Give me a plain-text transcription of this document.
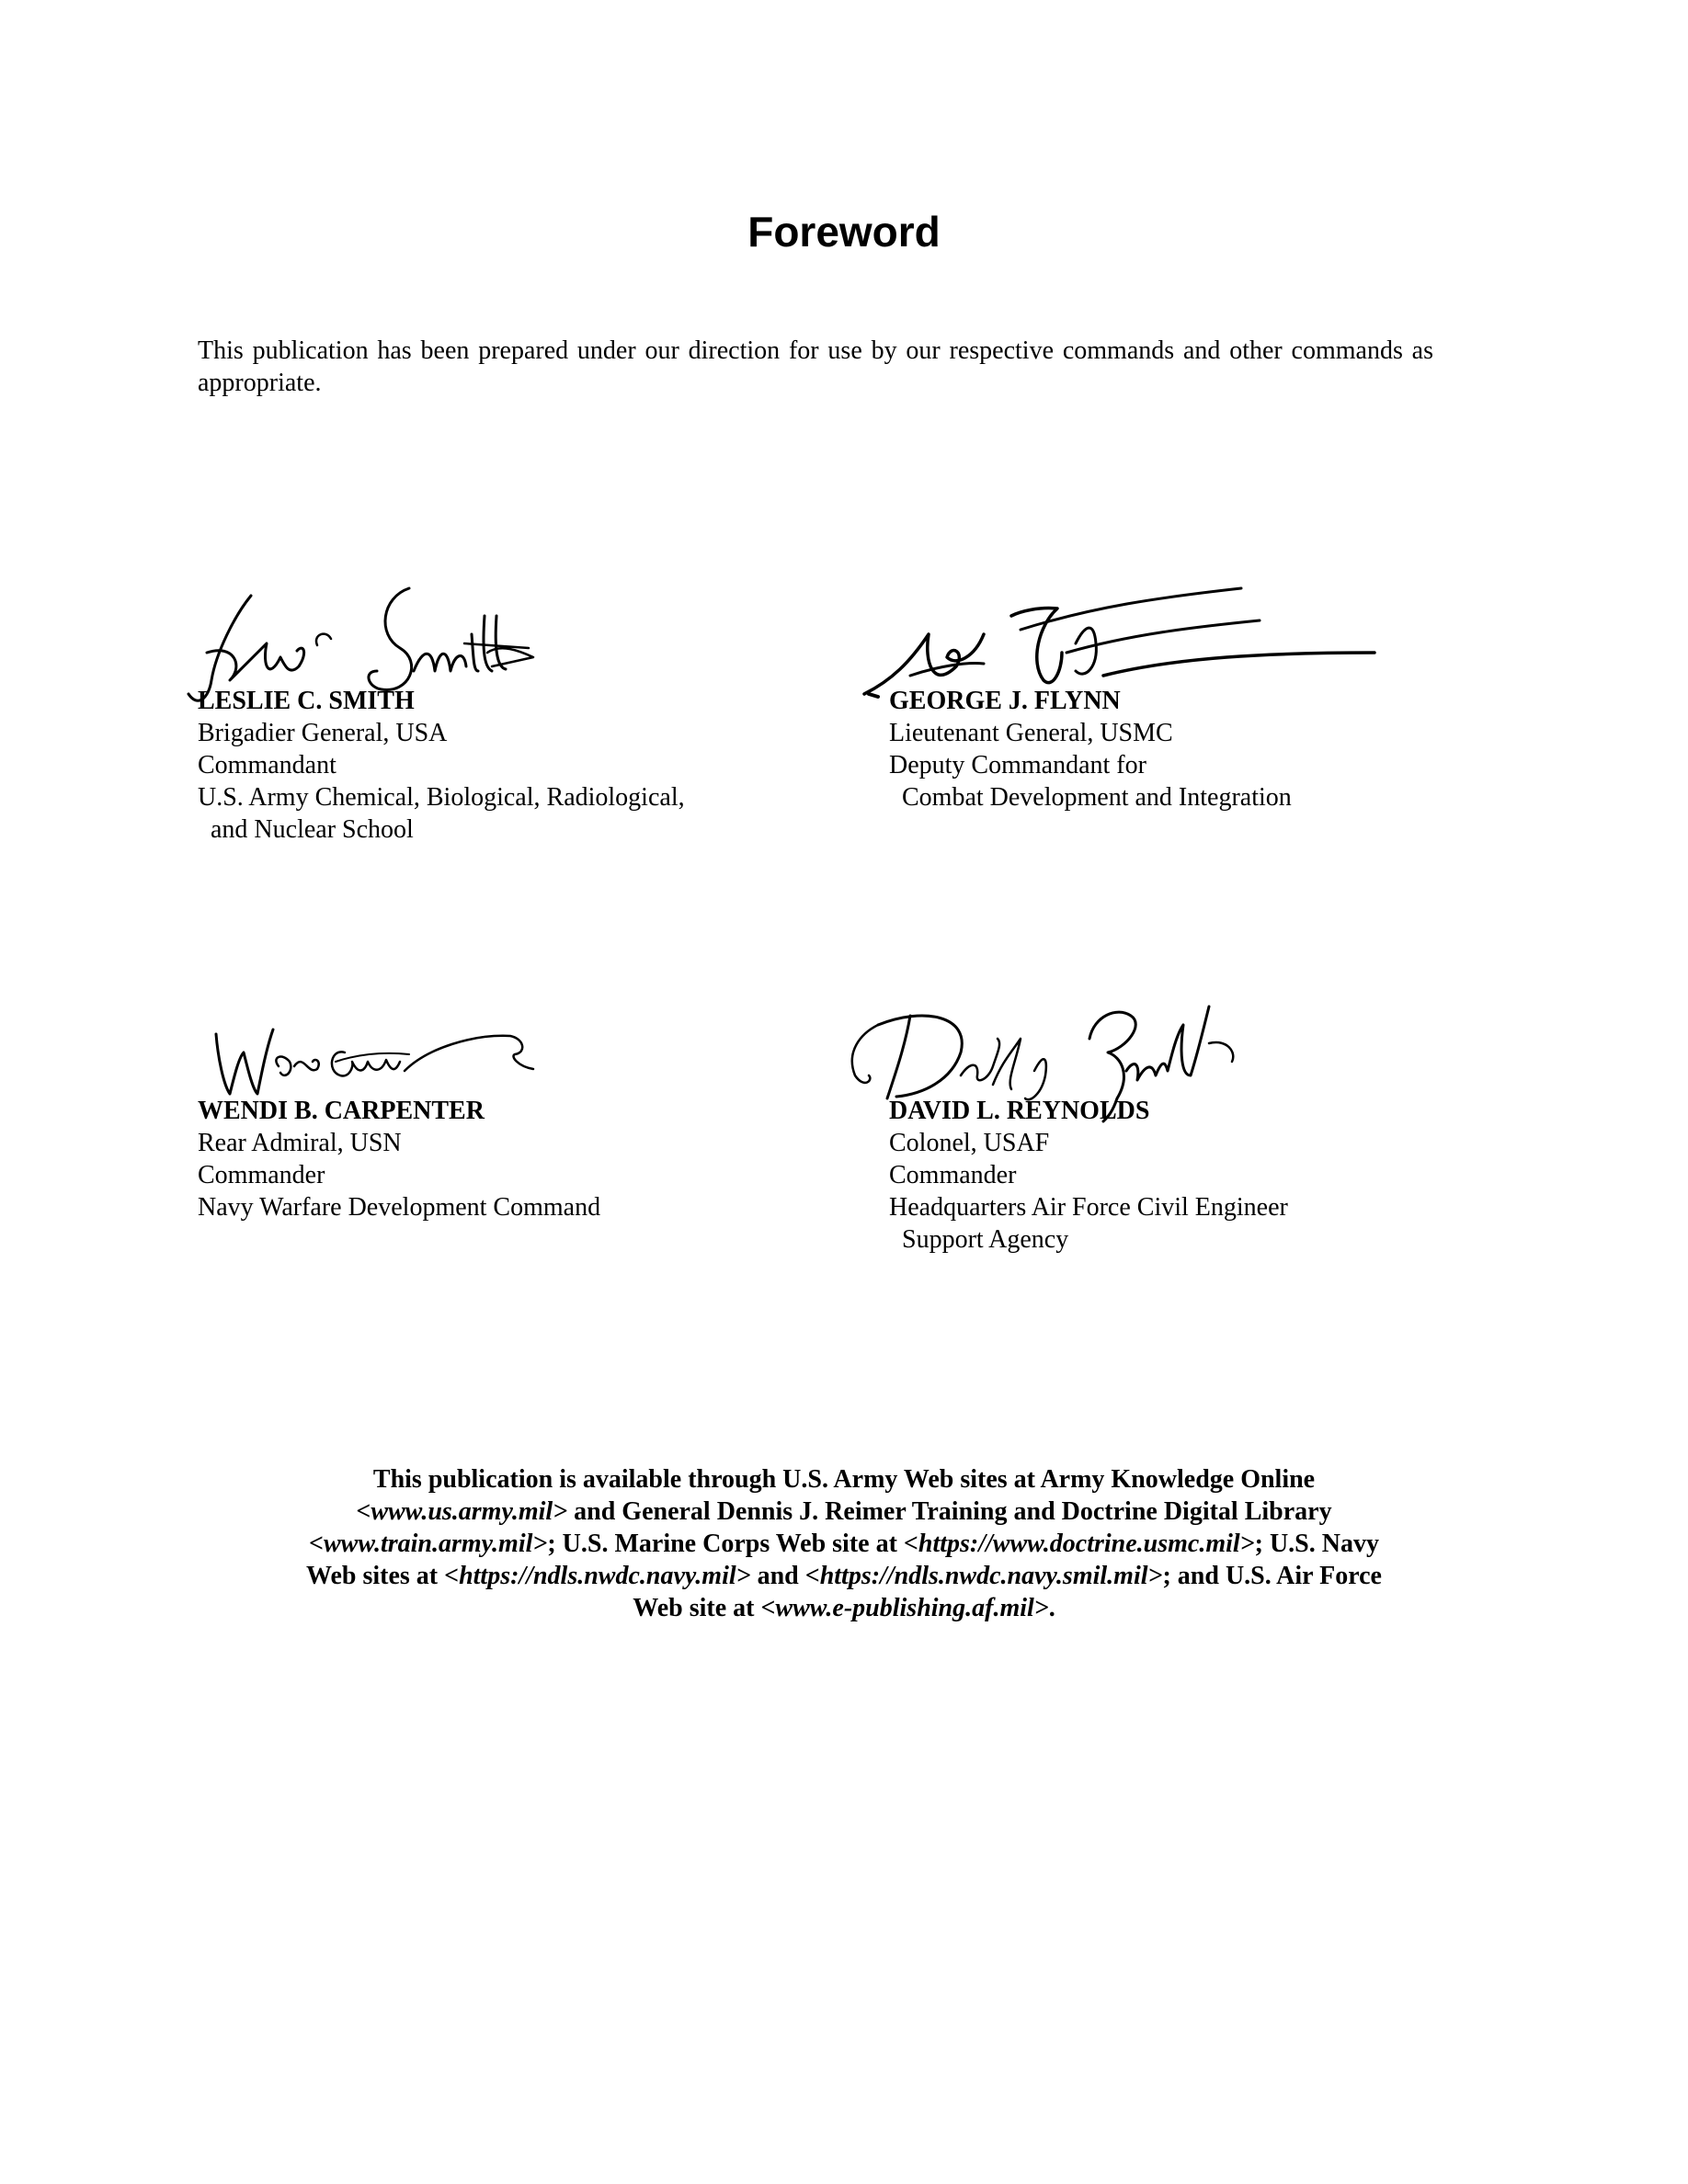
Foreword
This publication has been prepared under our direction for use by our respective commands and other commands as appropriate.
LESLIE C. SMITH
Brigadier General, USA
Commandant
U.S. Army Chemical, Biological, Radiological,
and Nuclear School
GEORGE J. FLYNN
Lieutenant General, USMC
Deputy Commandant for
Combat Development and Integration
WENDI B. CARPENTER
Rear Admiral, USN
Commander
Navy Warfare Development Command
DAVID L. REYNOLDS
Colonel, USAF
Commander
Headquarters Air Force Civil Engineer
Support Agency
This publication is available through U.S. Army Web sites at Army Knowledge Online <www.us.army.mil> and General Dennis J. Reimer Training and Doctrine Digital Library <www.train.army.mil>; U.S. Marine Corps Web site at <https://www.doctrine.usmc.mil>; U.S. Navy Web sites at <https://ndls.nwdc.navy.mil> and <https://ndls.nwdc.navy.smil.mil>; and U.S. Air Force Web site at <www.e-publishing.af.mil>.
